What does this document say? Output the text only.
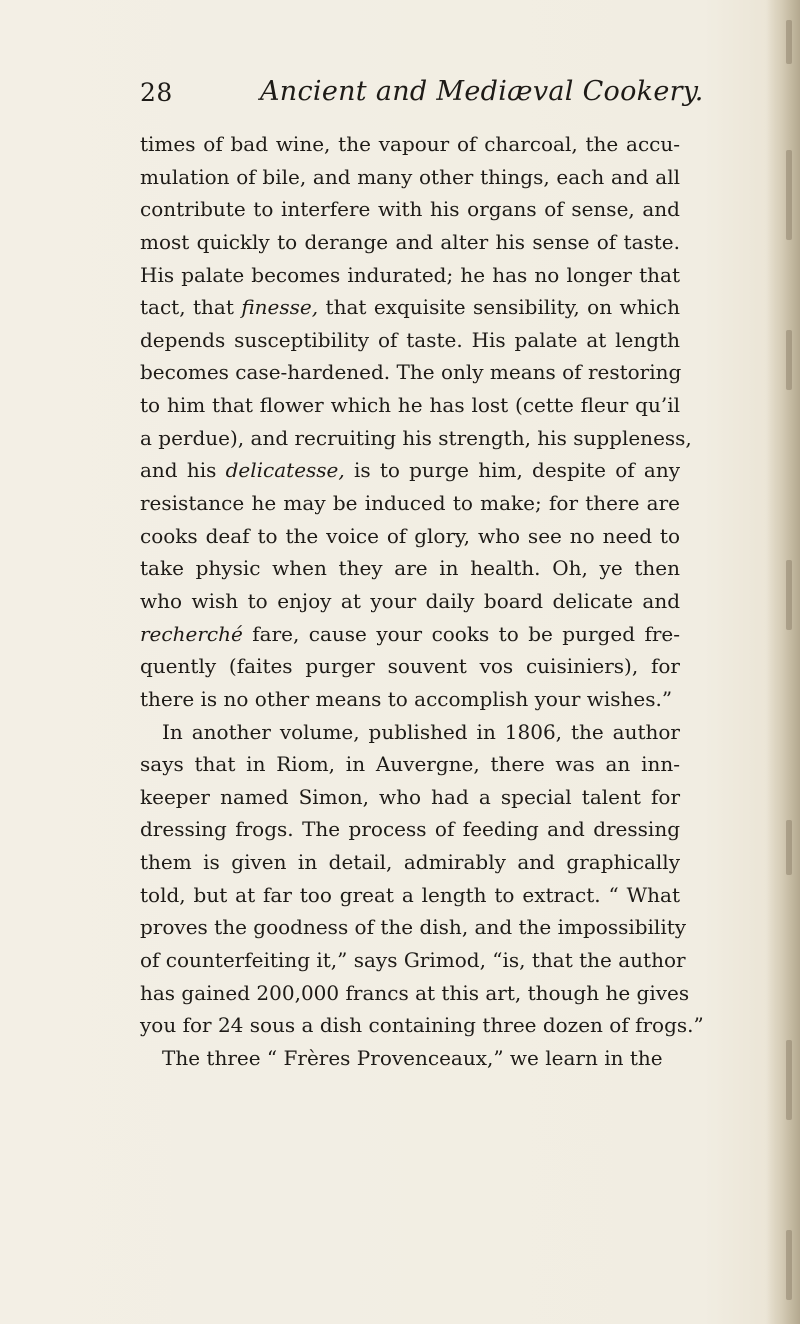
28	Ancient and Mediæval Cookery.
times of bad wine, the vapour of charcoal, the accu-
mulation of bile, and many other things, each and all
contribute to interfere with his organs of sense, and
most quickly to derange and alter his sense of taste.
His palate becomes indurated; he has no longer that
tact, that finesse, that exquisite sensibility, on which
depends susceptibility of taste. His palate at length
becomes case-hardened. The only means of restoring
to him that flower which he has lost (cette fleur qu’il
a perdue), and recruiting his strength, his suppleness,
and his delicatesse, is to purge him, despite of any
resistance he may be induced to make; for there are
cooks deaf to the voice of glory, who see no need to
take physic when they are in health. Oh, ye then
who wish to enjoy at your daily board delicate and
recherché fare, cause your cooks to be purged fre-
quently (faites purger souvent vos cuisiniers), for
there is no other means to accomplish your wishes.”
In another volume, published in 1806, the author
says that in Riom, in Auvergne, there was an inn-
keeper named Simon, who had a special talent for
dressing frogs. The process of feeding and dressing
them is given in detail, admirably and graphically
told, but at far too great a length to extract. “ What
proves the goodness of the dish, and the impossibility
of counterfeiting it,” says Grimod, “is, that the author
has gained 200,000 francs at this art, though he gives
you for 24 sous a dish containing three dozen of frogs.”
The three “ Frères Provenceaux,” we learn in the
